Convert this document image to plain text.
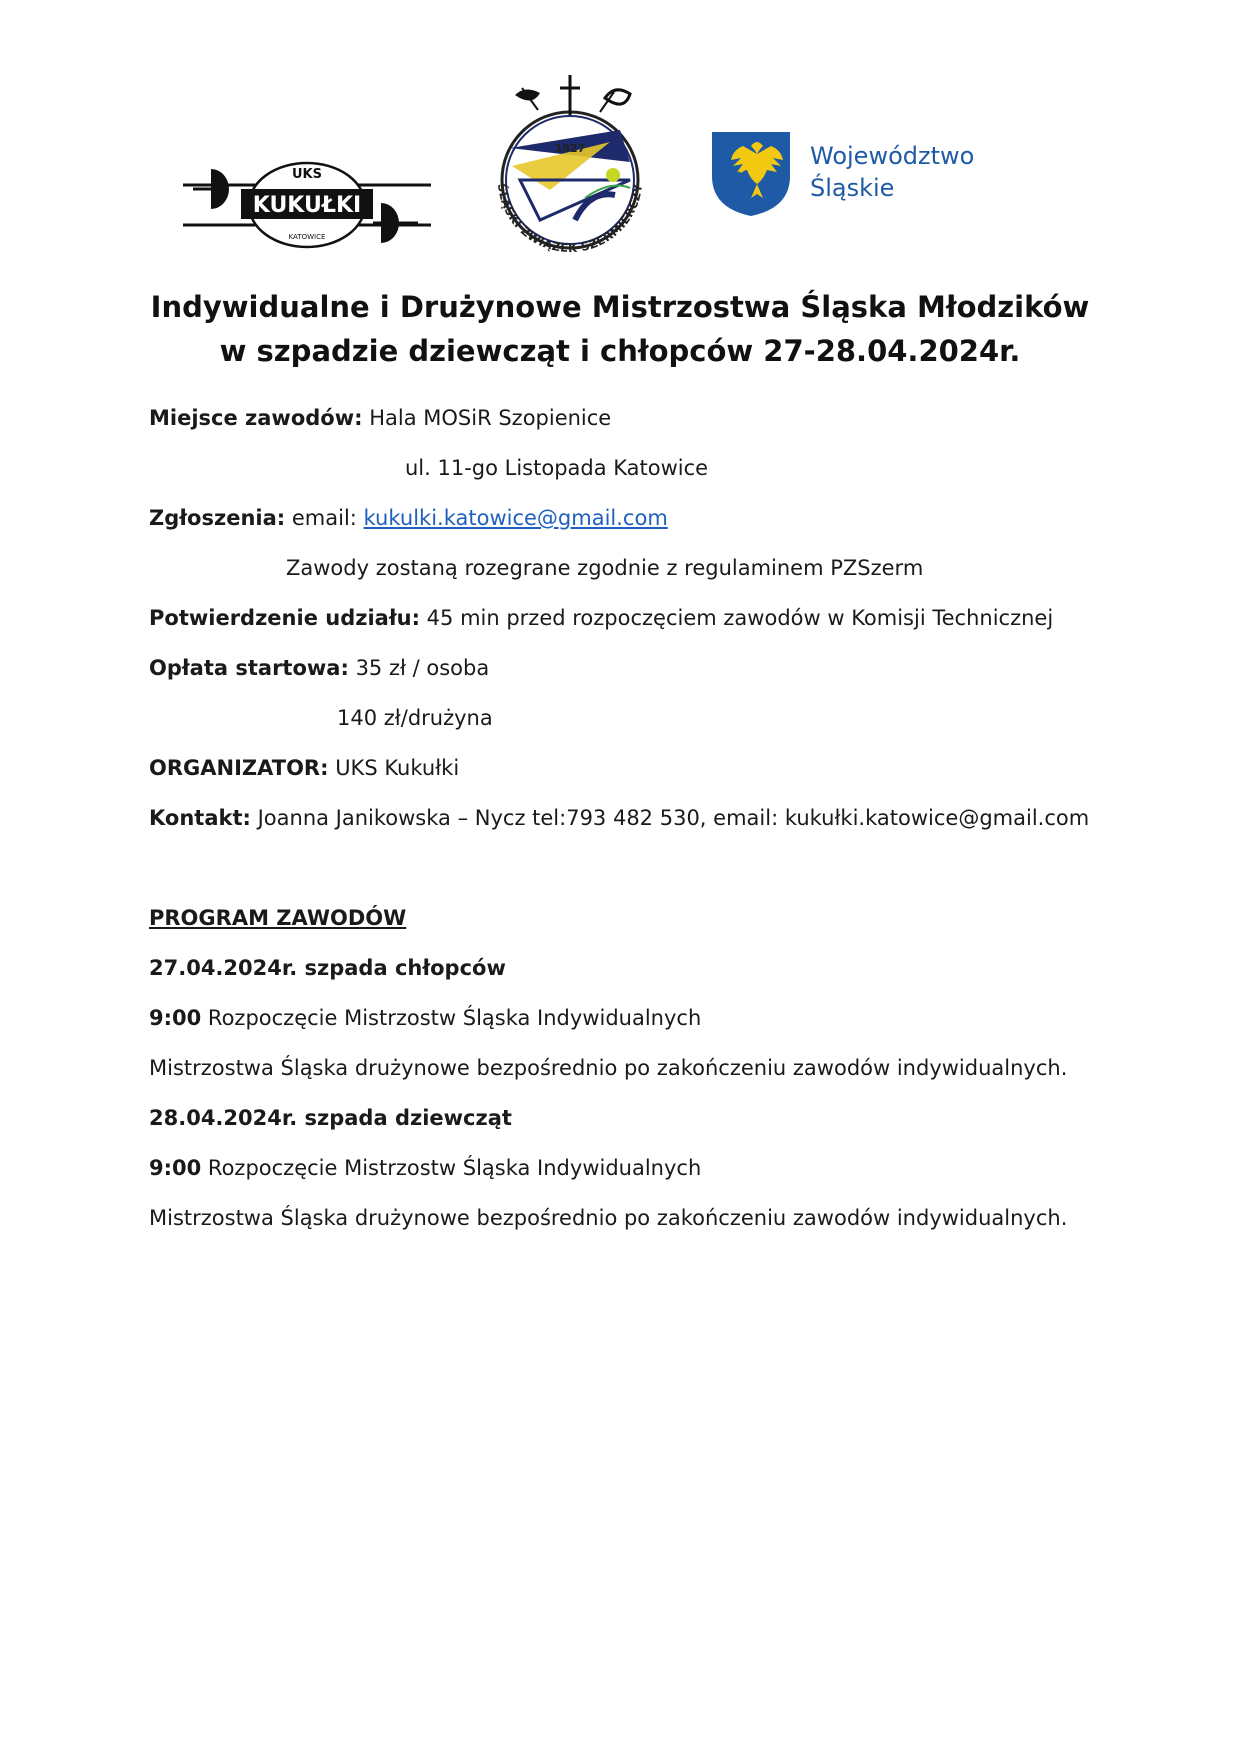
UKS
KUKUŁKI
KATOWICE
1927
ŚLĄSKI ZWIĄZEK SZERMIERCZY
Województwo
Śląskie
Indywidualne i Drużynowe Mistrzostwa Śląska Młodzików w szpadzie dziewcząt i chłopców 27-28.04.2024r.
Miejsce zawodów: Hala MOSiR Szopienice
ul. 11-go Listopada Katowice
Zgłoszenia: email: kukulki.katowice@gmail.com
Zawody zostaną rozegrane zgodnie z regulaminem PZSzerm
Potwierdzenie udziału: 45 min przed rozpoczęciem zawodów w Komisji Technicznej
Opłata startowa: 35 zł / osoba
140 zł/drużyna
ORGANIZATOR: UKS Kukułki
Kontakt: Joanna Janikowska – Nycz tel:793 482 530, email: kukułki.katowice@gmail.com
PROGRAM ZAWODÓW
27.04.2024r. szpada chłopców
9:00 Rozpoczęcie Mistrzostw Śląska Indywidualnych
Mistrzostwa Śląska drużynowe bezpośrednio po zakończeniu zawodów indywidualnych.
28.04.2024r. szpada dziewcząt
9:00 Rozpoczęcie Mistrzostw Śląska Indywidualnych
Mistrzostwa Śląska drużynowe bezpośrednio po zakończeniu zawodów indywidualnych.
